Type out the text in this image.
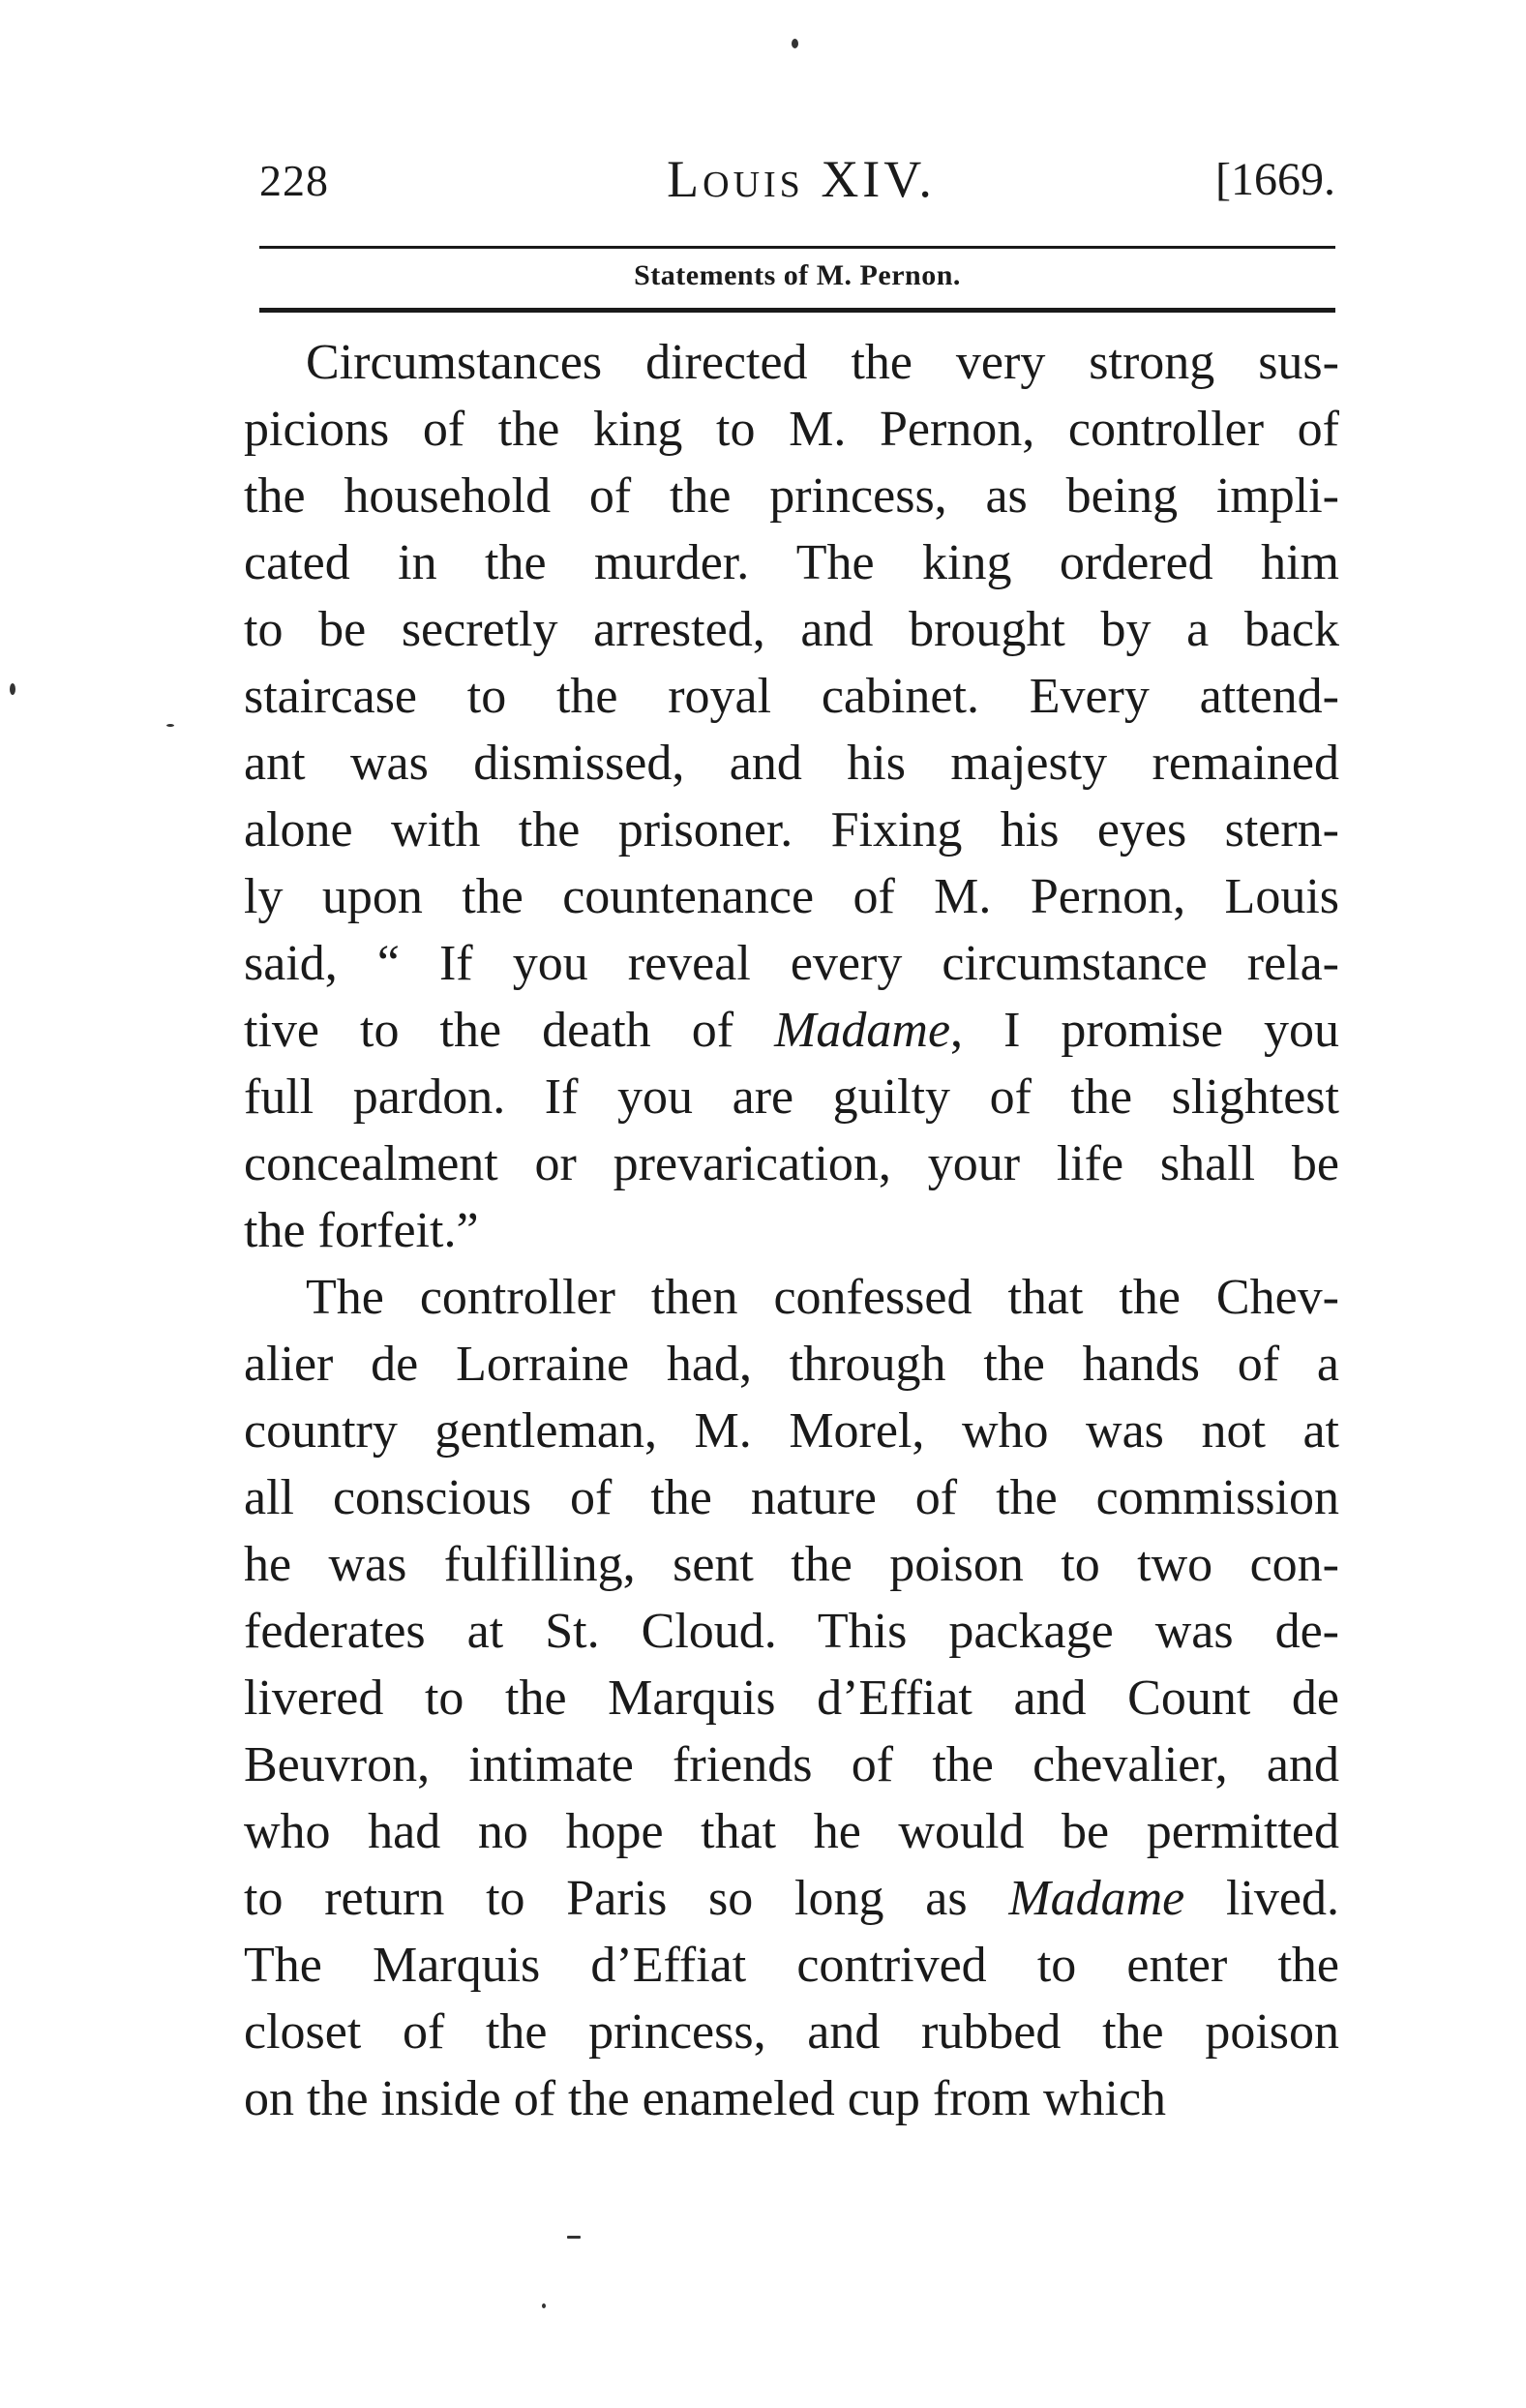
228	Louis XIV.	[1669.
Statements of M. Pernon.
Circumstances directed the very strong sus-
picions of the king to M. Pernon, controller of
the household of the princess, as being impli-
cated in the murder. The king ordered him
to be secretly arrested, and brought by a back
staircase to the royal cabinet. Every attend-
ant was dismissed, and his majesty remained
alone with the prisoner. Fixing his eyes stern-
ly upon the countenance of M. Pernon, Louis
said, “ If you reveal every circumstance rela-
tive to the death of Madame, I promise you
full pardon. If you are guilty of the slightest
concealment or prevarication, your life shall be
the forfeit.”
The controller then confessed that the Chev-
alier de Lorraine had, through the hands of a
country gentleman, M. Morel, who was not at
all conscious of the nature of the commission
he was fulfilling, sent the poison to two con-
federates at St. Cloud. This package was de-
livered to the Marquis d’Effiat and Count de
Beuvron, intimate friends of the chevalier, and
who had no hope that he would be permitted
to return to Paris so long as Madame lived.
The Marquis d’Effiat contrived to enter the
closet of the princess, and rubbed the poison
on the inside of the enameled cup from which
